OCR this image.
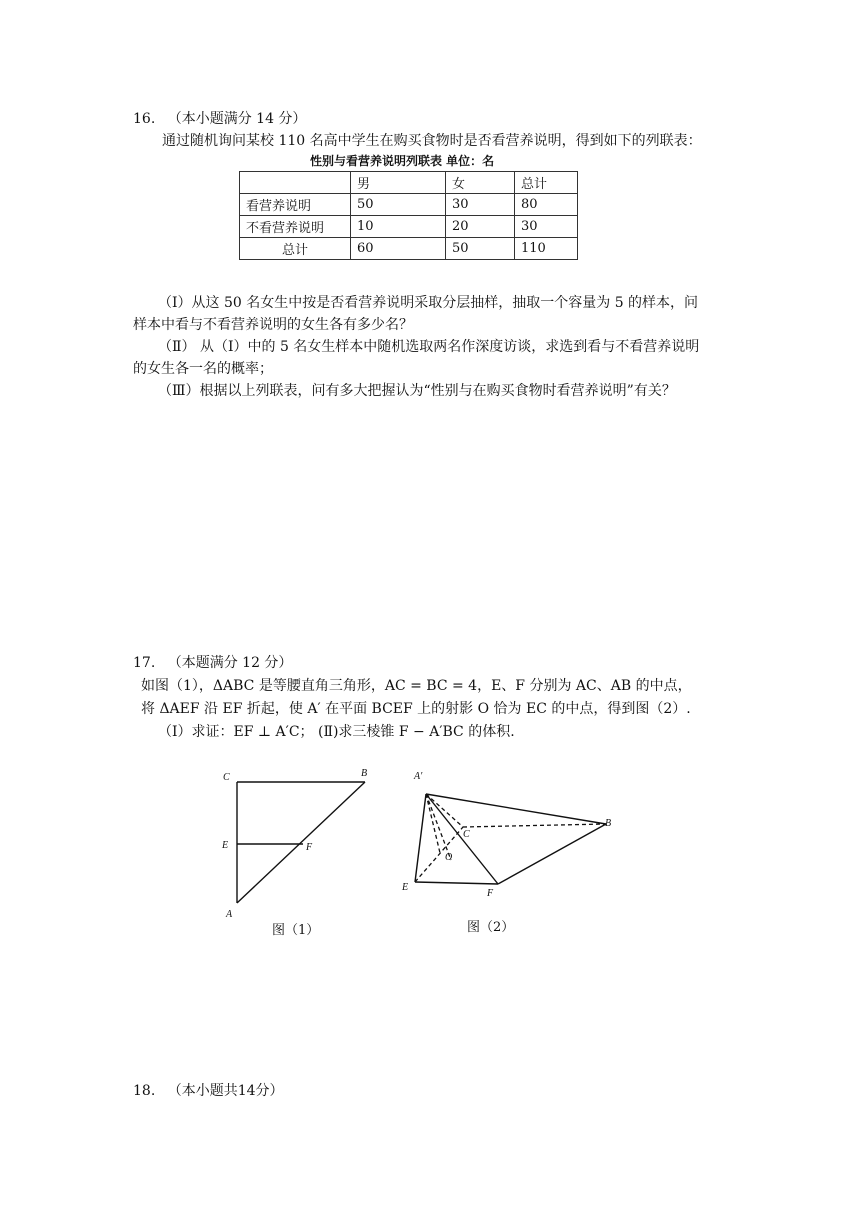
16. （本小题满分 14 分）
通过随机询问某校 110 名高中学生在购买食物时是否看营养说明，得到如下的列联表：
性别与看营养说明列联表 单位：名
	男	女	总计
看营养说明	50	30	80
不看营养说明	10	20	30
总计	60	50	110
（Ⅰ）从这 50 名女生中按是否看营养说明采取分层抽样，抽取一个容量为 5 的样本，问
样本中看与不看营养说明的女生各有多少名？
（Ⅱ） 从（Ⅰ）中的 5 名女生样本中随机选取两名作深度访谈，求选到看与不看营养说明
的女生各一名的概率；
（Ⅲ）根据以上列联表，问有多大把握认为“性别与在购买食物时看营养说明”有关？
17. （本题满分 12 分）
如图（1），ΔABC 是等腰直角三角形，AC = BC = 4，E、F 分别为 AC、AB 的中点，
将 ΔAEF 沿 EF 折起，使 A′ 在平面 BCEF 上的射影 O 恰为 EC 的中点，得到图（2）.
（Ⅰ）求证：EF ⊥ A′C； (Ⅱ)求三棱锥 F − A′BC 的体积.
C	B
E	F
A
图（1）
A′
C
O
B
E
F
图（2）
18. （本小题共14分）
